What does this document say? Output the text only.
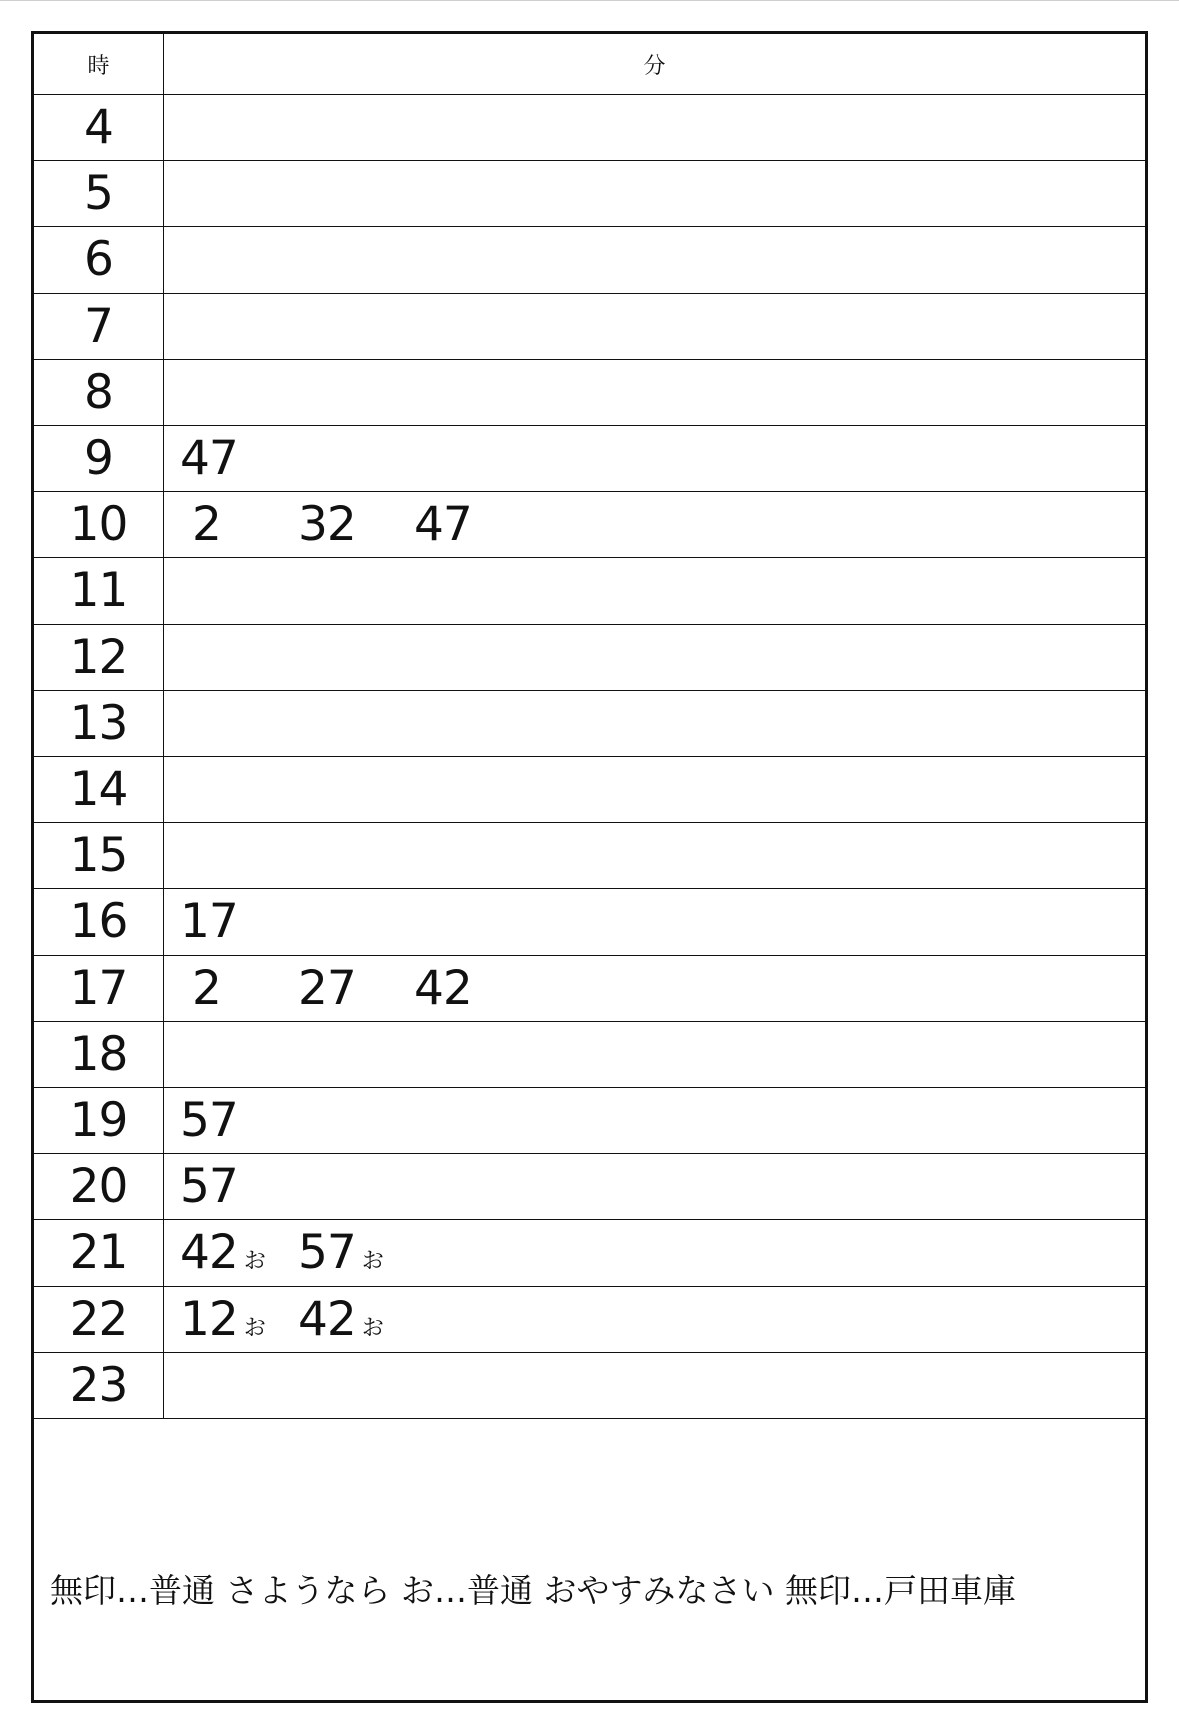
時	分
4
5
6
7
8
9 47
10 2 32 47
11
12
13
14
15
16 17
17 2 27 42
18
19 57
20 57
21 42 お 57 お
22 12 お 42 お
23
無印…普通 さようなら お…普通 おやすみなさい 無印…戸田車庫
